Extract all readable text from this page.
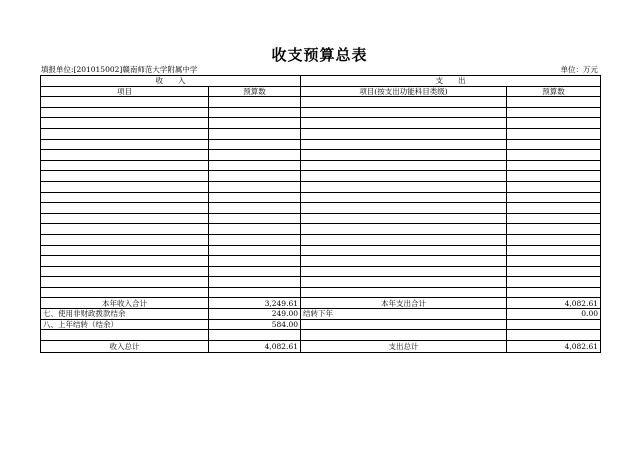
收支预算总表
填报单位:[201015002]赣南师范大学附属中学	单位：万元
收　　入		支　　出	
项目	预算数	项目(按支出功能科目类级)	预算数

本年收入合计	3,249.61	本年支出合计	4,082.61
七、使用非财政拨款结余	249.00	结转下年	0.00
八、上年结转（结余）	584.00		

收入总计	4,082.61	支出总计	4,082.61
